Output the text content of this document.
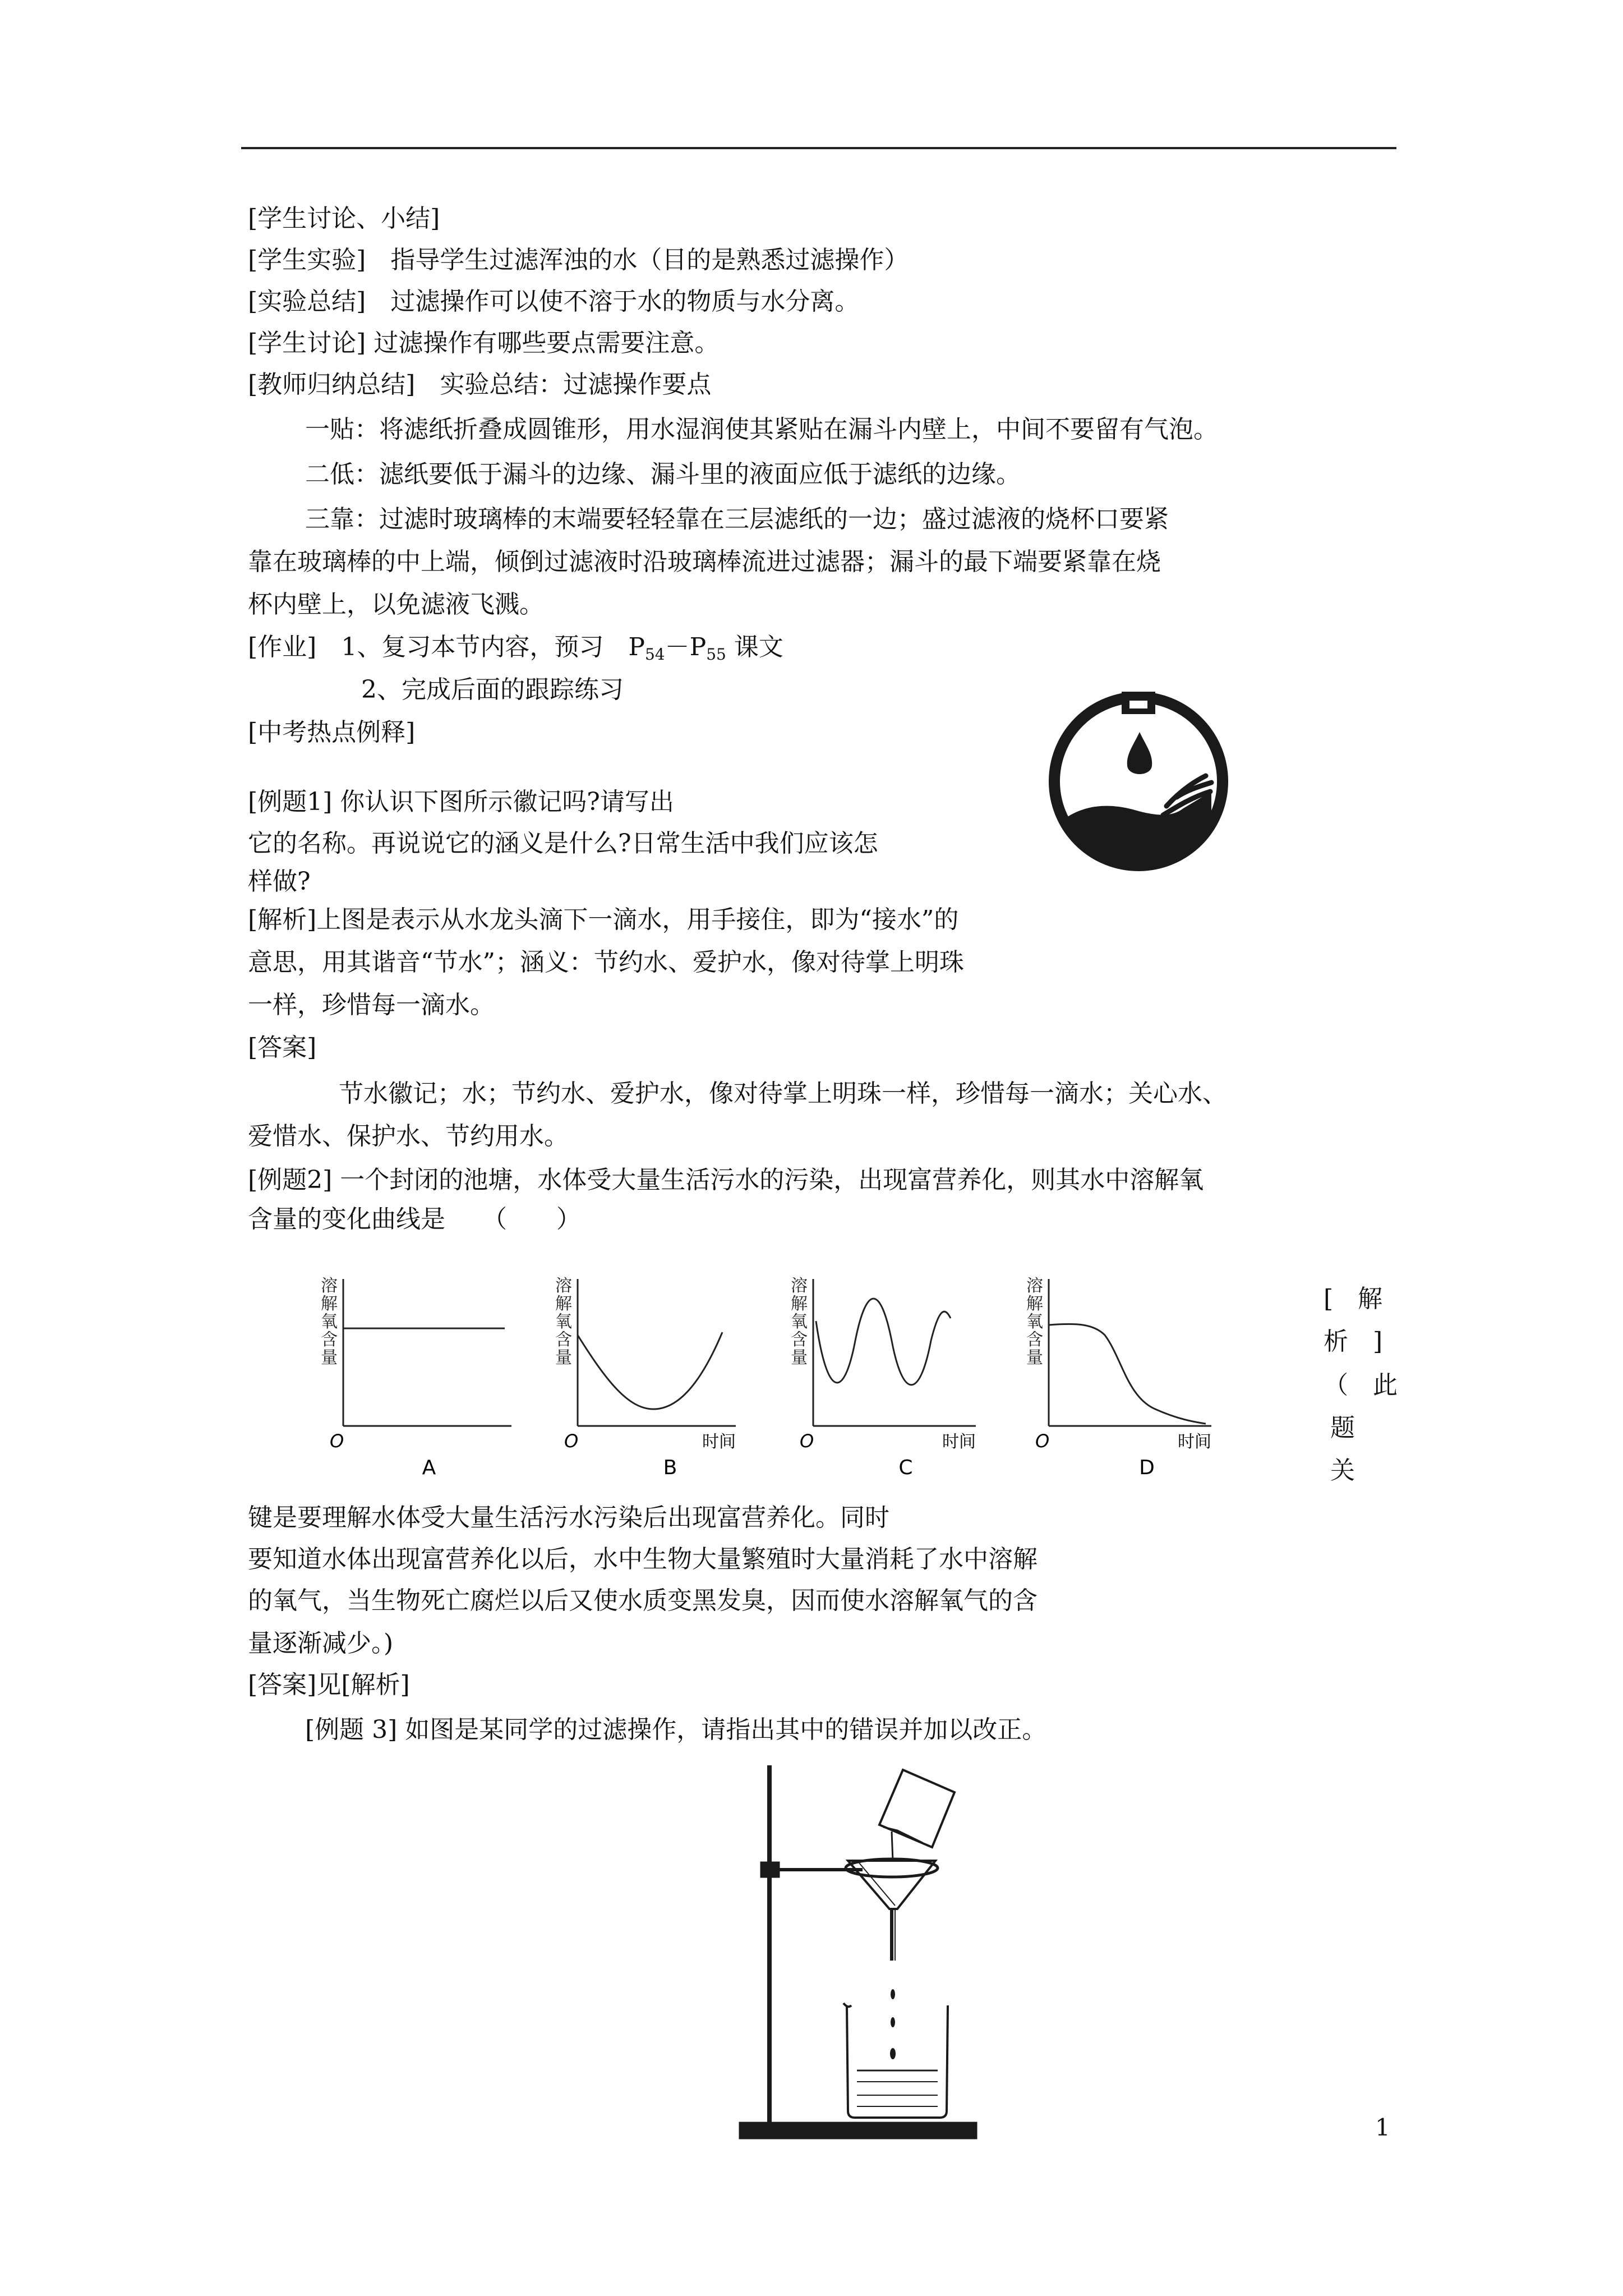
[学生讨论、小结]
[学生实验]　指导学生过滤浑浊的水（目的是熟悉过滤操作）
[实验总结]　过滤操作可以使不溶于水的物质与水分离。
[学生讨论] 过滤操作有哪些要点需要注意。
[教师归纳总结]　实验总结：过滤操作要点
一贴：将滤纸折叠成圆锥形，用水湿润使其紧贴在漏斗内壁上，中间不要留有气泡。
二低：滤纸要低于漏斗的边缘、漏斗里的液面应低于滤纸的边缘。
三靠：过滤时玻璃棒的末端要轻轻靠在三层滤纸的一边；盛过滤液的烧杯口要紧
靠在玻璃棒的中上端，倾倒过滤液时沿玻璃棒流进过滤器；漏斗的最下端要紧靠在烧
杯内壁上，以免滤液飞溅。
[作业]　1、复习本节内容，预习　$P_{54}-P_{55}$ 课文
2、完成后面的跟踪练习
[中考热点例释]
[例题1] 你认识下图所示徽记吗?请写出
它的名称。再说说它的涵义是什么?日常生活中我们应该怎
样做?
[解析]上图是表示从水龙头滴下一滴水，用手接住，即为“接水”的
意思，用其谐音“节水”；涵义：节约水、爱护水，像对待掌上明珠
一样，珍惜每一滴水。
[答案]
节水徽记；水；节约水、爱护水，像对待掌上明珠一样，珍惜每一滴水；关心水、
爱惜水、保护水、节约用水。
[例题2] 一个封闭的池塘，水体受大量生活污水的污染，出现富营养化，则其水中溶解氧
含量的变化曲线是　　（　　）
溶
解
氧
含
量
O
A
溶
解
氧
含
量
O	时间
B
溶
解
氧
含
量
O	时间
C
溶
解
氧
含
量
O	时间
D
[　解
析　]
（　此
题
关
键是要理解水体受大量生活污水污染后出现富营养化。同时
要知道水体出现富营养化以后，水中生物大量繁殖时大量消耗了水中溶解
的氧气，当生物死亡腐烂以后又使水质变黑发臭，因而使水溶解氧气的含
量逐渐减少。)
[答案]见[解析]
[例题 3] 如图是某同学的过滤操作，请指出其中的错误并加以改正。
1
